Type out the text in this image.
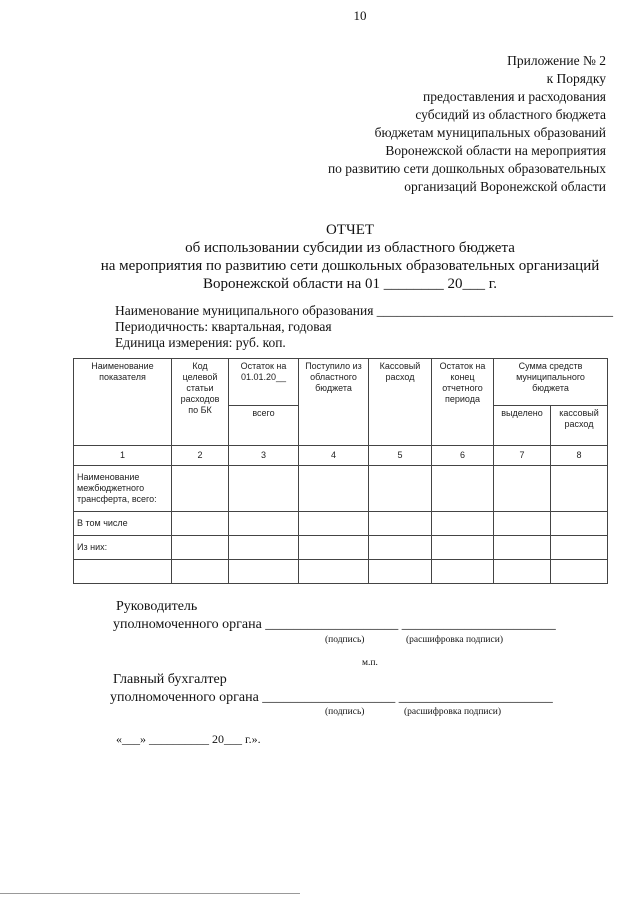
10
Приложение № 2
к Порядку
предоставления и расходования
субсидий из областного бюджета
бюджетам муниципальных образований
Воронежской области на мероприятия
по развитию сети дошкольных образовательных
организаций Воронежской области
ОТЧЕТ
об использовании субсидии из областного бюджета
на мероприятия по развитию сети дошкольных образовательных организаций
Воронежской области на 01 ________ 20___ г.
Наименование муниципального образования ___________________________________
Периодичность: квартальная, годовая
Единица измерения: руб. коп.
Наименование показателя	Код целевой статьи расходов по БК	Остаток на 01.01.20__	Поступило из областного бюджета	Кассовый расход	Остаток на конец отчетного периода	Сумма средств муниципального бюджета	
		всего				выделено	кассовый расход
1	2	3	4	5	6	7	8
Наименование межбюджетного трансферта, всего:							
В том числе							
Из них:							

Руководитель
уполномоченного органа ___________________ ______________________
(подпись)	(расшифровка подписи)
м.п.
Главный бухгалтер
уполномоченного органа ___________________ ______________________
(подпись)	(расшифровка подписи)
«___» __________ 20___ г.».
